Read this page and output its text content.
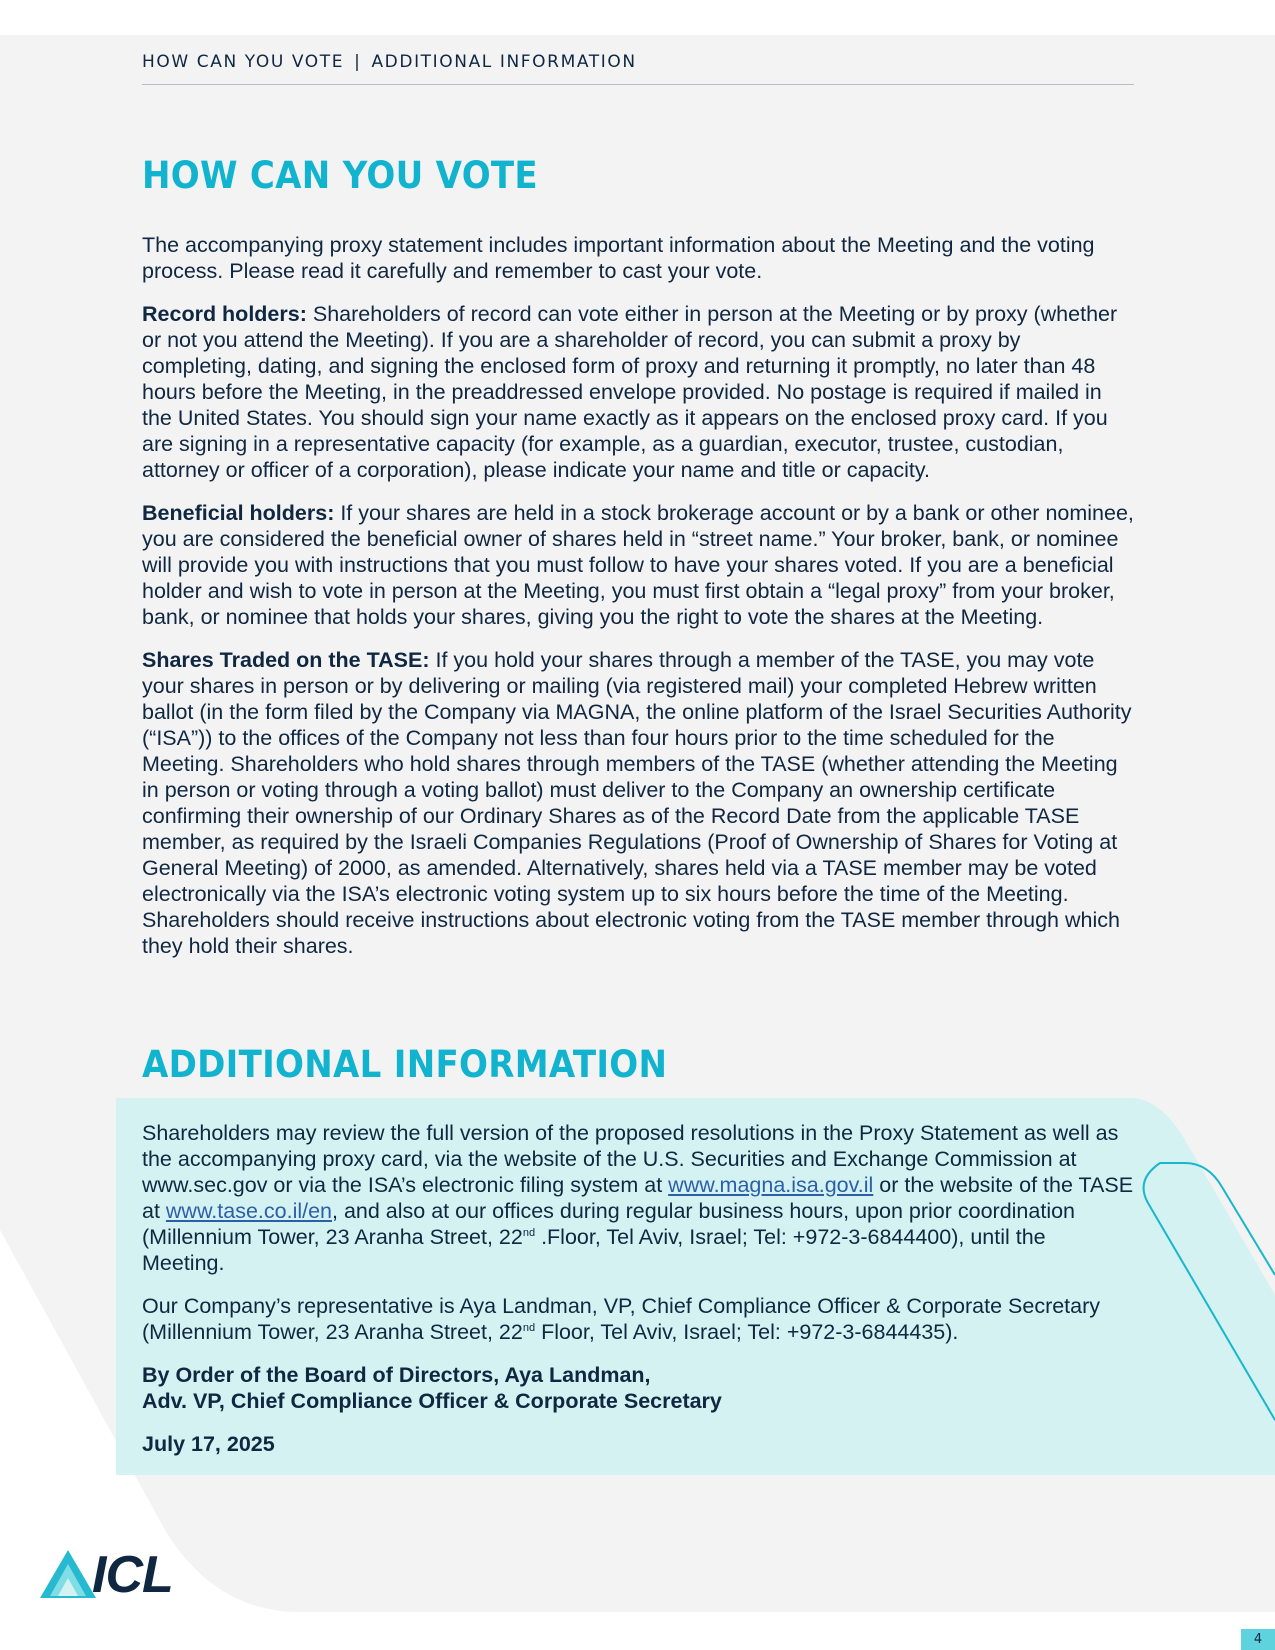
HOW CAN YOU VOTE | ADDITIONAL INFORMATION
HOW CAN YOU VOTE

The accompanying proxy statement includes important information about the Meeting and the voting process. Please read it carefully and remember to cast your vote.

Record holders: Shareholders of record can vote either in person at the Meeting or by proxy (whether or not you attend the Meeting). If you are a shareholder of record, you can submit a proxy by completing, dating, and signing the enclosed form of proxy and returning it promptly, no later than 48 hours before the Meeting, in the preaddressed envelope provided. No postage is required if mailed in the United States. You should sign your name exactly as it appears on the enclosed proxy card. If you are signing in a representative capacity (for example, as a guardian, executor, trustee, custodian, attorney or officer of a corporation), please indicate your name and title or capacity.

Beneficial holders: If your shares are held in a stock brokerage account or by a bank or other nominee, you are considered the beneficial owner of shares held in “street name.” Your broker, bank, or nominee will provide you with instructions that you must follow to have your shares voted. If you are a beneficial holder and wish to vote in person at the Meeting, you must first obtain a “legal proxy” from your broker, bank, or nominee that holds your shares, giving you the right to vote the shares at the Meeting.

Shares Traded on the TASE: If you hold your shares through a member of the TASE, you may vote your shares in person or by delivering or mailing (via registered mail) your completed Hebrew written ballot (in the form filed by the Company via MAGNA, the online platform of the Israel Securities Authority (“ISA”)) to the offices of the Company not less than four hours prior to the time scheduled for the Meeting. Shareholders who hold shares through members of the TASE (whether attending the Meeting in person or voting through a voting ballot) must deliver to the Company an ownership certificate confirming their ownership of our Ordinary Shares as of the Record Date from the applicable TASE member, as required by the Israeli Companies Regulations (Proof of Ownership of Shares for Voting at General Meeting) of 2000, as amended. Alternatively, shares held via a TASE member may be voted electronically via the ISA’s electronic voting system up to six hours before the time of the Meeting. Shareholders should receive instructions about electronic voting from the TASE member through which they hold their shares.

ADDITIONAL INFORMATION

Shareholders may review the full version of the proposed resolutions in the Proxy Statement as well as the accompanying proxy card, via the website of the U.S. Securities and Exchange Commission at www.sec.gov or via the ISA’s electronic filing system at www.magna.isa.gov.il or the website of the TASE at www.tase.co.il/en, and also at our offices during regular business hours, upon prior coordination (Millennium Tower, 23 Aranha Street, 22nd .Floor, Tel Aviv, Israel; Tel: +972-3-6844400), until the Meeting.

Our Company’s representative is Aya Landman, VP, Chief Compliance Officer & Corporate Secretary (Millennium Tower, 23 Aranha Street, 22nd Floor, Tel Aviv, Israel; Tel: +972-3-6844435).

By Order of the Board of Directors, Aya Landman,
Adv. VP, Chief Compliance Officer & Corporate Secretary

July 17, 2025

ICL
4
